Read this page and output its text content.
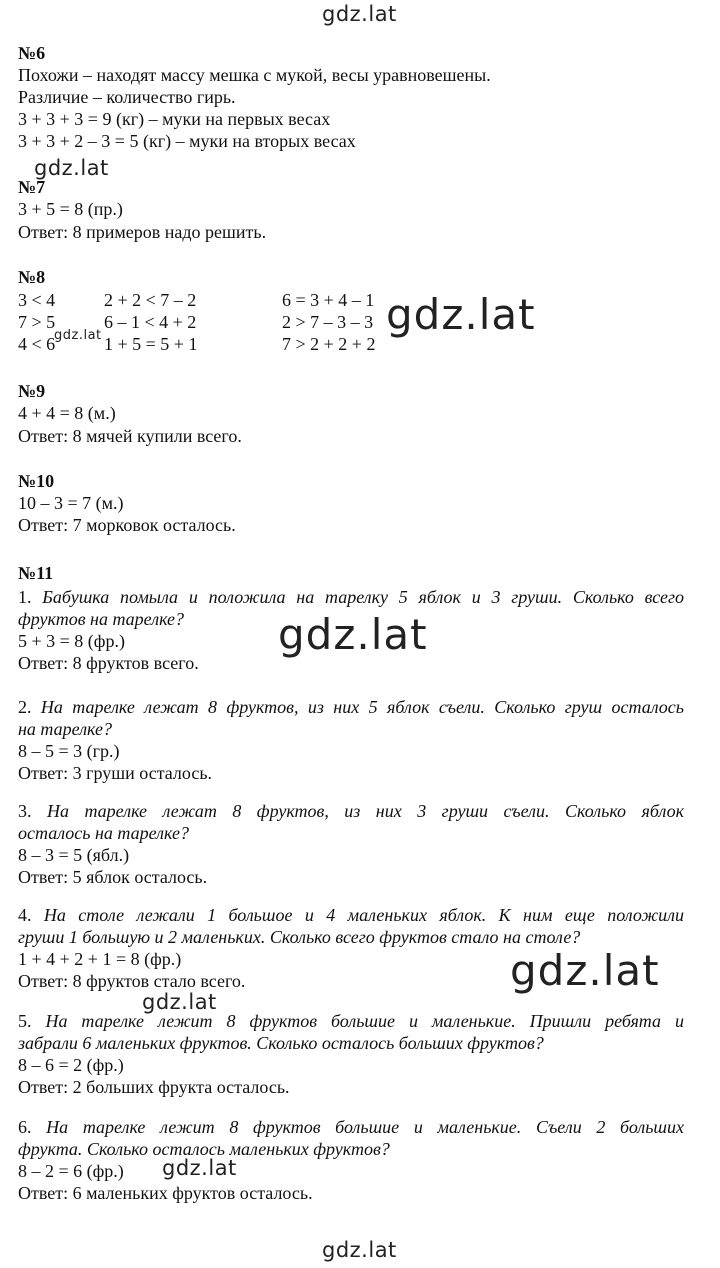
gdz.lat
gdz.lat
gdz.lat	gdz.lat
gdz.lat
gdz.lat
gdz.lat
gdz.lat
gdz.lat
№6
Похожи – находят массу мешка с мукой, весы уравновешены.
Различие – количество гирь.
3 + 3 + 3 = 9 (кг) – муки на первых весах
3 + 3 + 2 – 3 = 5 (кг) – муки на вторых весах
№7
3 + 5 = 8 (пр.)
Ответ: 8 примеров надо решить.
№8
3 < 4
7 > 5
4 < 6
2 + 2 < 7 – 2
6 – 1 < 4 + 2
1 + 5 = 5 + 1
6 = 3 + 4 – 1
2 > 7 – 3 – 3
7 > 2 + 2 + 2
№9
4 + 4 = 8 (м.)
Ответ: 8 мячей купили всего.
№10
10 – 3 = 7 (м.)
Ответ: 7 морковок осталось.
№11
1. Бабушка помыла и положила на тарелку 5 яблок и 3 груши. Сколько всего
фруктов на тарелке?
5 + 3 = 8 (фр.)
Ответ: 8 фруктов всего.
2. На тарелке лежат 8 фруктов, из них 5 яблок съели. Сколько груш осталось
на тарелке?
8 – 5 = 3 (гр.)
Ответ: 3 груши осталось.
3. На тарелке лежат 8 фруктов, из них 3 груши съели. Сколько яблок
осталось на тарелке?
8 – 3 = 5 (ябл.)
Ответ: 5 яблок осталось.
4. На столе лежали 1 большое и 4 маленьких яблок. К ним еще положили
груши 1 большую и 2 маленьких. Сколько всего фруктов стало на столе?
1 + 4 + 2 + 1 = 8 (фр.)
Ответ: 8 фруктов стало всего.
5. На тарелке лежит 8 фруктов большие и маленькие. Пришли ребята и
забрали 6 маленьких фруктов. Сколько осталось больших фруктов?
8 – 6 = 2 (фр.)
Ответ: 2 больших фрукта осталось.
6. На тарелке лежит 8 фруктов большие и маленькие. Съели 2 больших
фрукта. Сколько осталось маленьких фруктов?
8 – 2 = 6 (фр.)
Ответ: 6 маленьких фруктов осталось.
